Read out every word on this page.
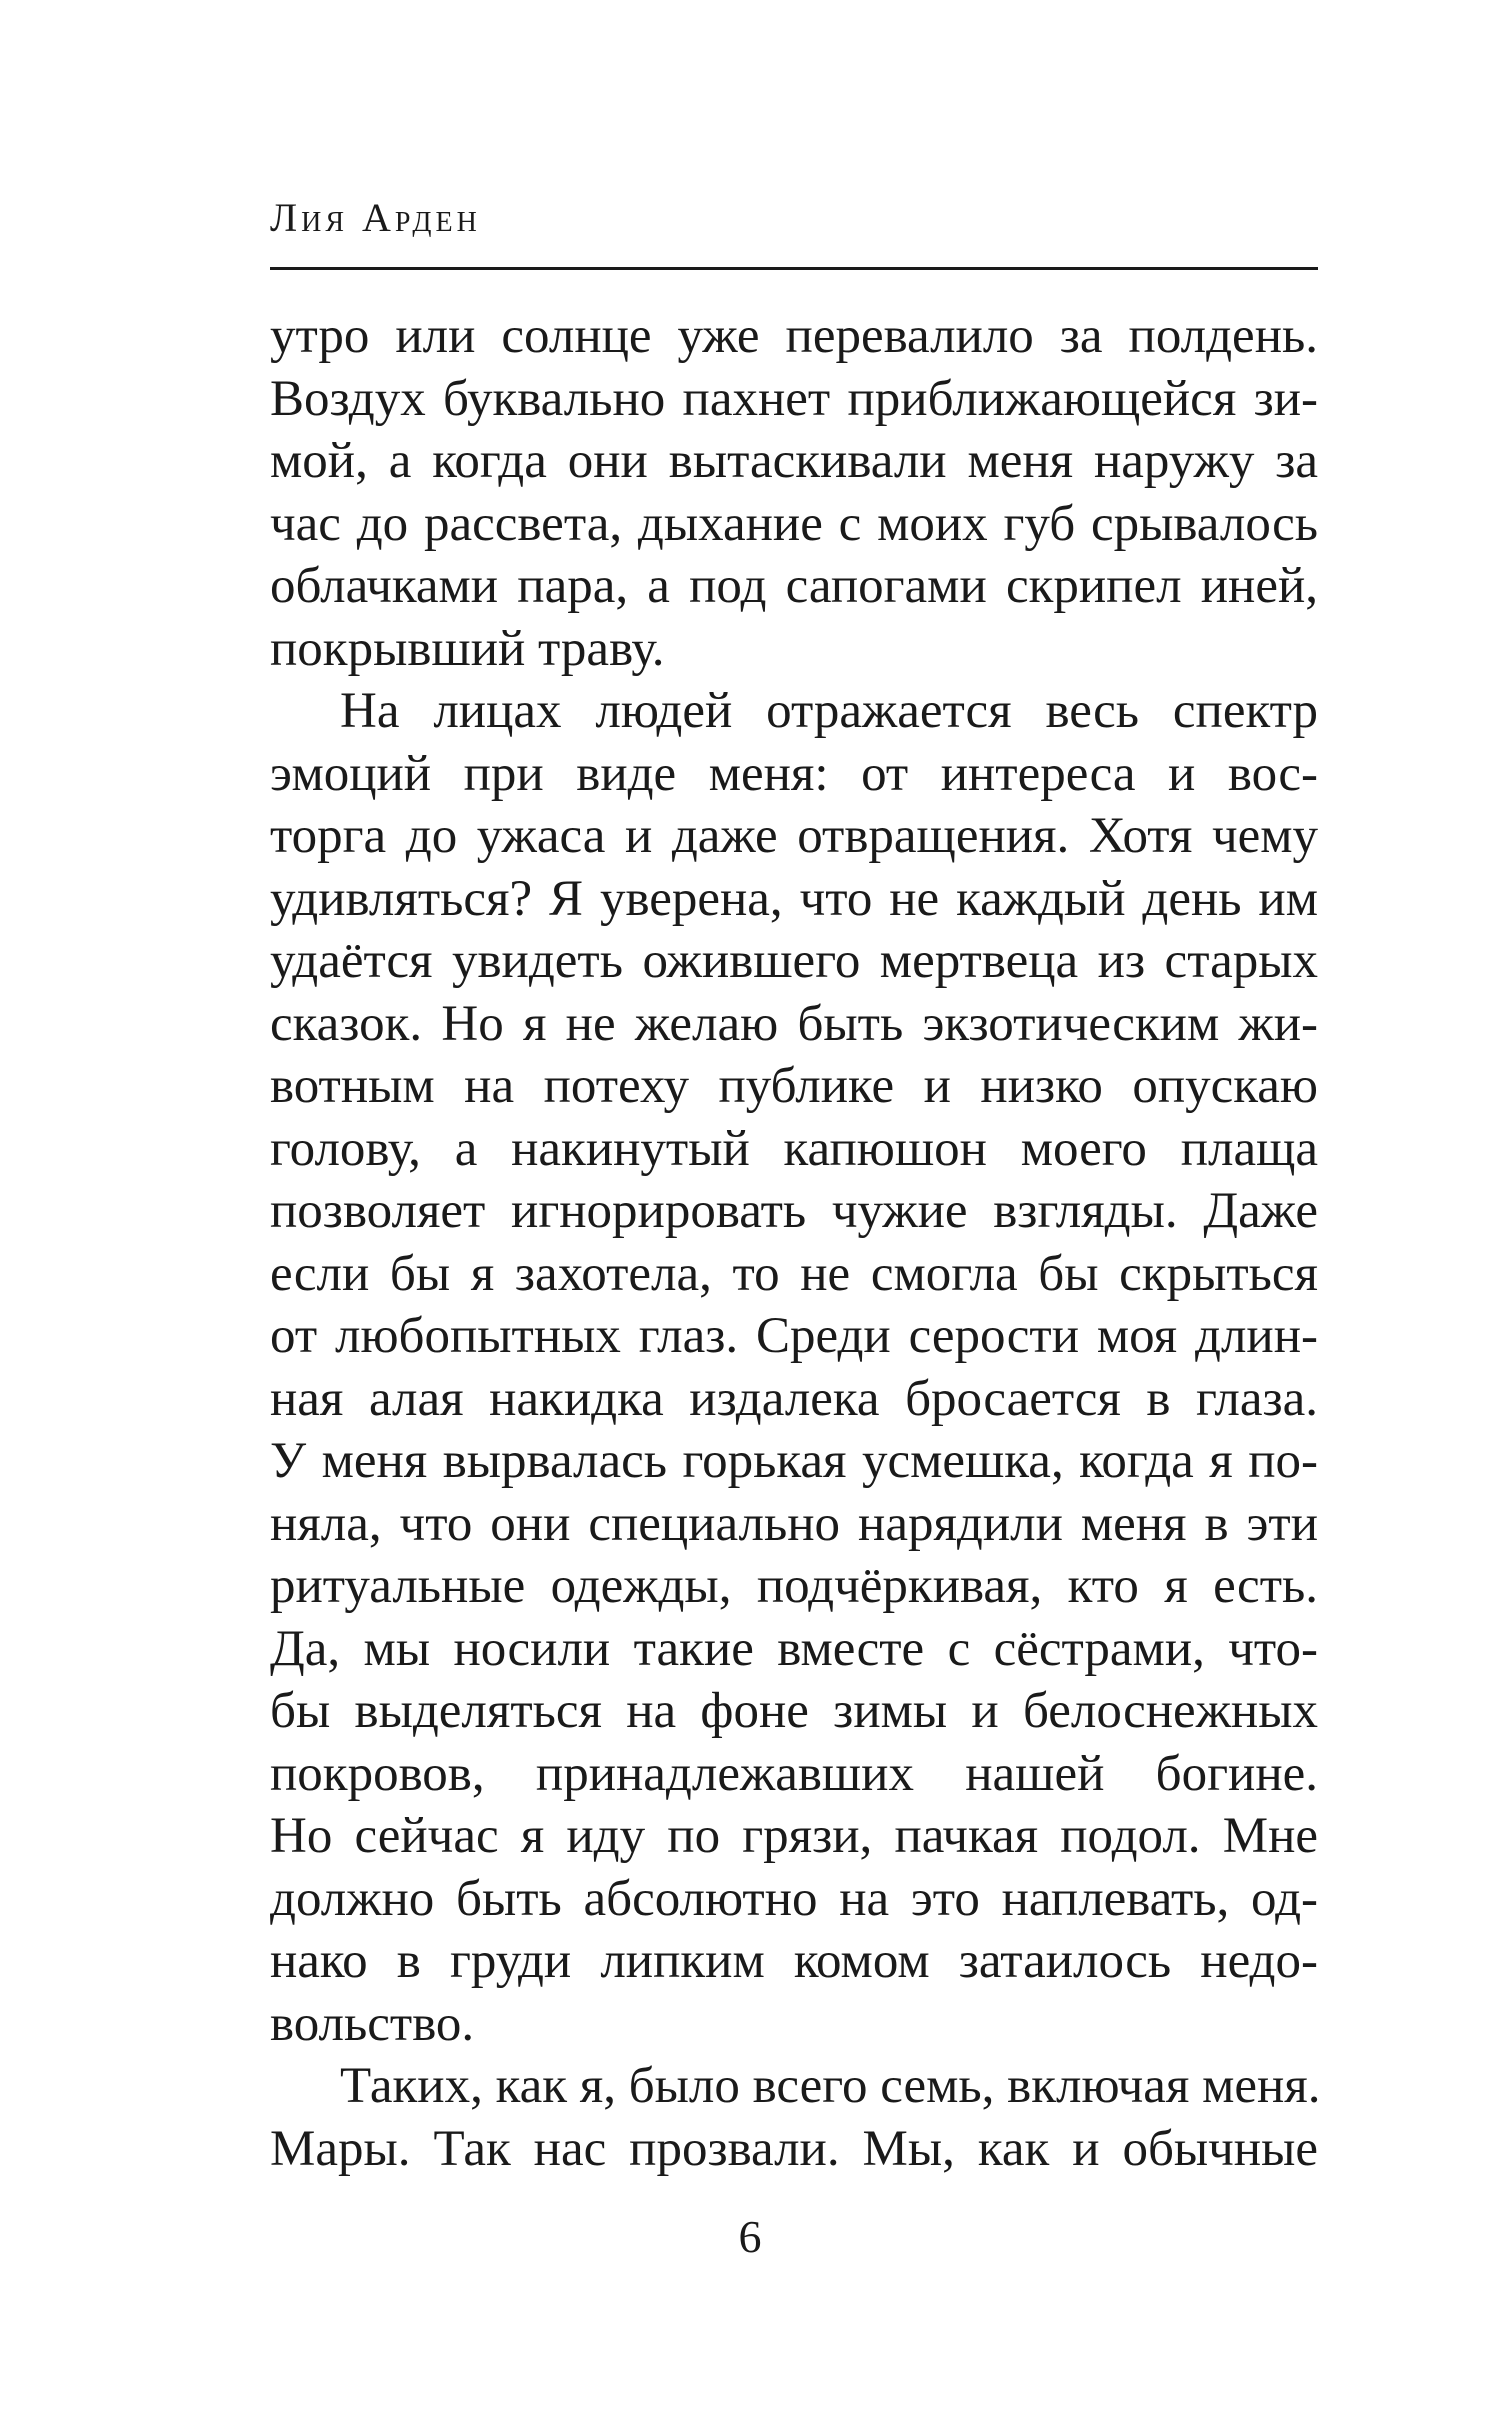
Лия Арден

утро или солнце уже перевалило за полдень.
Воздух буквально пахнет приближающейся зи-
мой, а когда они вытаскивали меня наружу за
час до рассвета, дыхание с моих губ срывалось
облачками пара, а под сапогами скрипел иней,
покрывший траву.

На лицах людей отражается весь спектр
эмоций при виде меня: от интереса и вос-
торга до ужаса и даже отвращения. Хотя чему
удивляться? Я уверена, что не каждый день им
удаётся увидеть ожившего мертвеца из старых
сказок. Но я не желаю быть экзотическим жи-
вотным на потеху публике и низко опускаю
голову, а накинутый капюшон моего плаща
позволяет игнорировать чужие взгляды. Даже
если бы я захотела, то не смогла бы скрыться
от любопытных глаз. Среди серости моя длин-
ная алая накидка издалека бросается в глаза.
У меня вырвалась горькая усмешка, когда я по-
няла, что они специально нарядили меня в эти
ритуальные одежды, подчёркивая, кто я есть.
Да, мы носили такие вместе с сёстрами, что-
бы выделяться на фоне зимы и белоснежных
покровов, принадлежавших нашей богине.
Но сейчас я иду по грязи, пачкая подол. Мне
должно быть абсолютно на это наплевать, од-
нако в груди липким комом затаилось недо-
вольство.

Таких, как я, было всего семь, включая меня.
Мары. Так нас прозвали. Мы, как и обычные

6
